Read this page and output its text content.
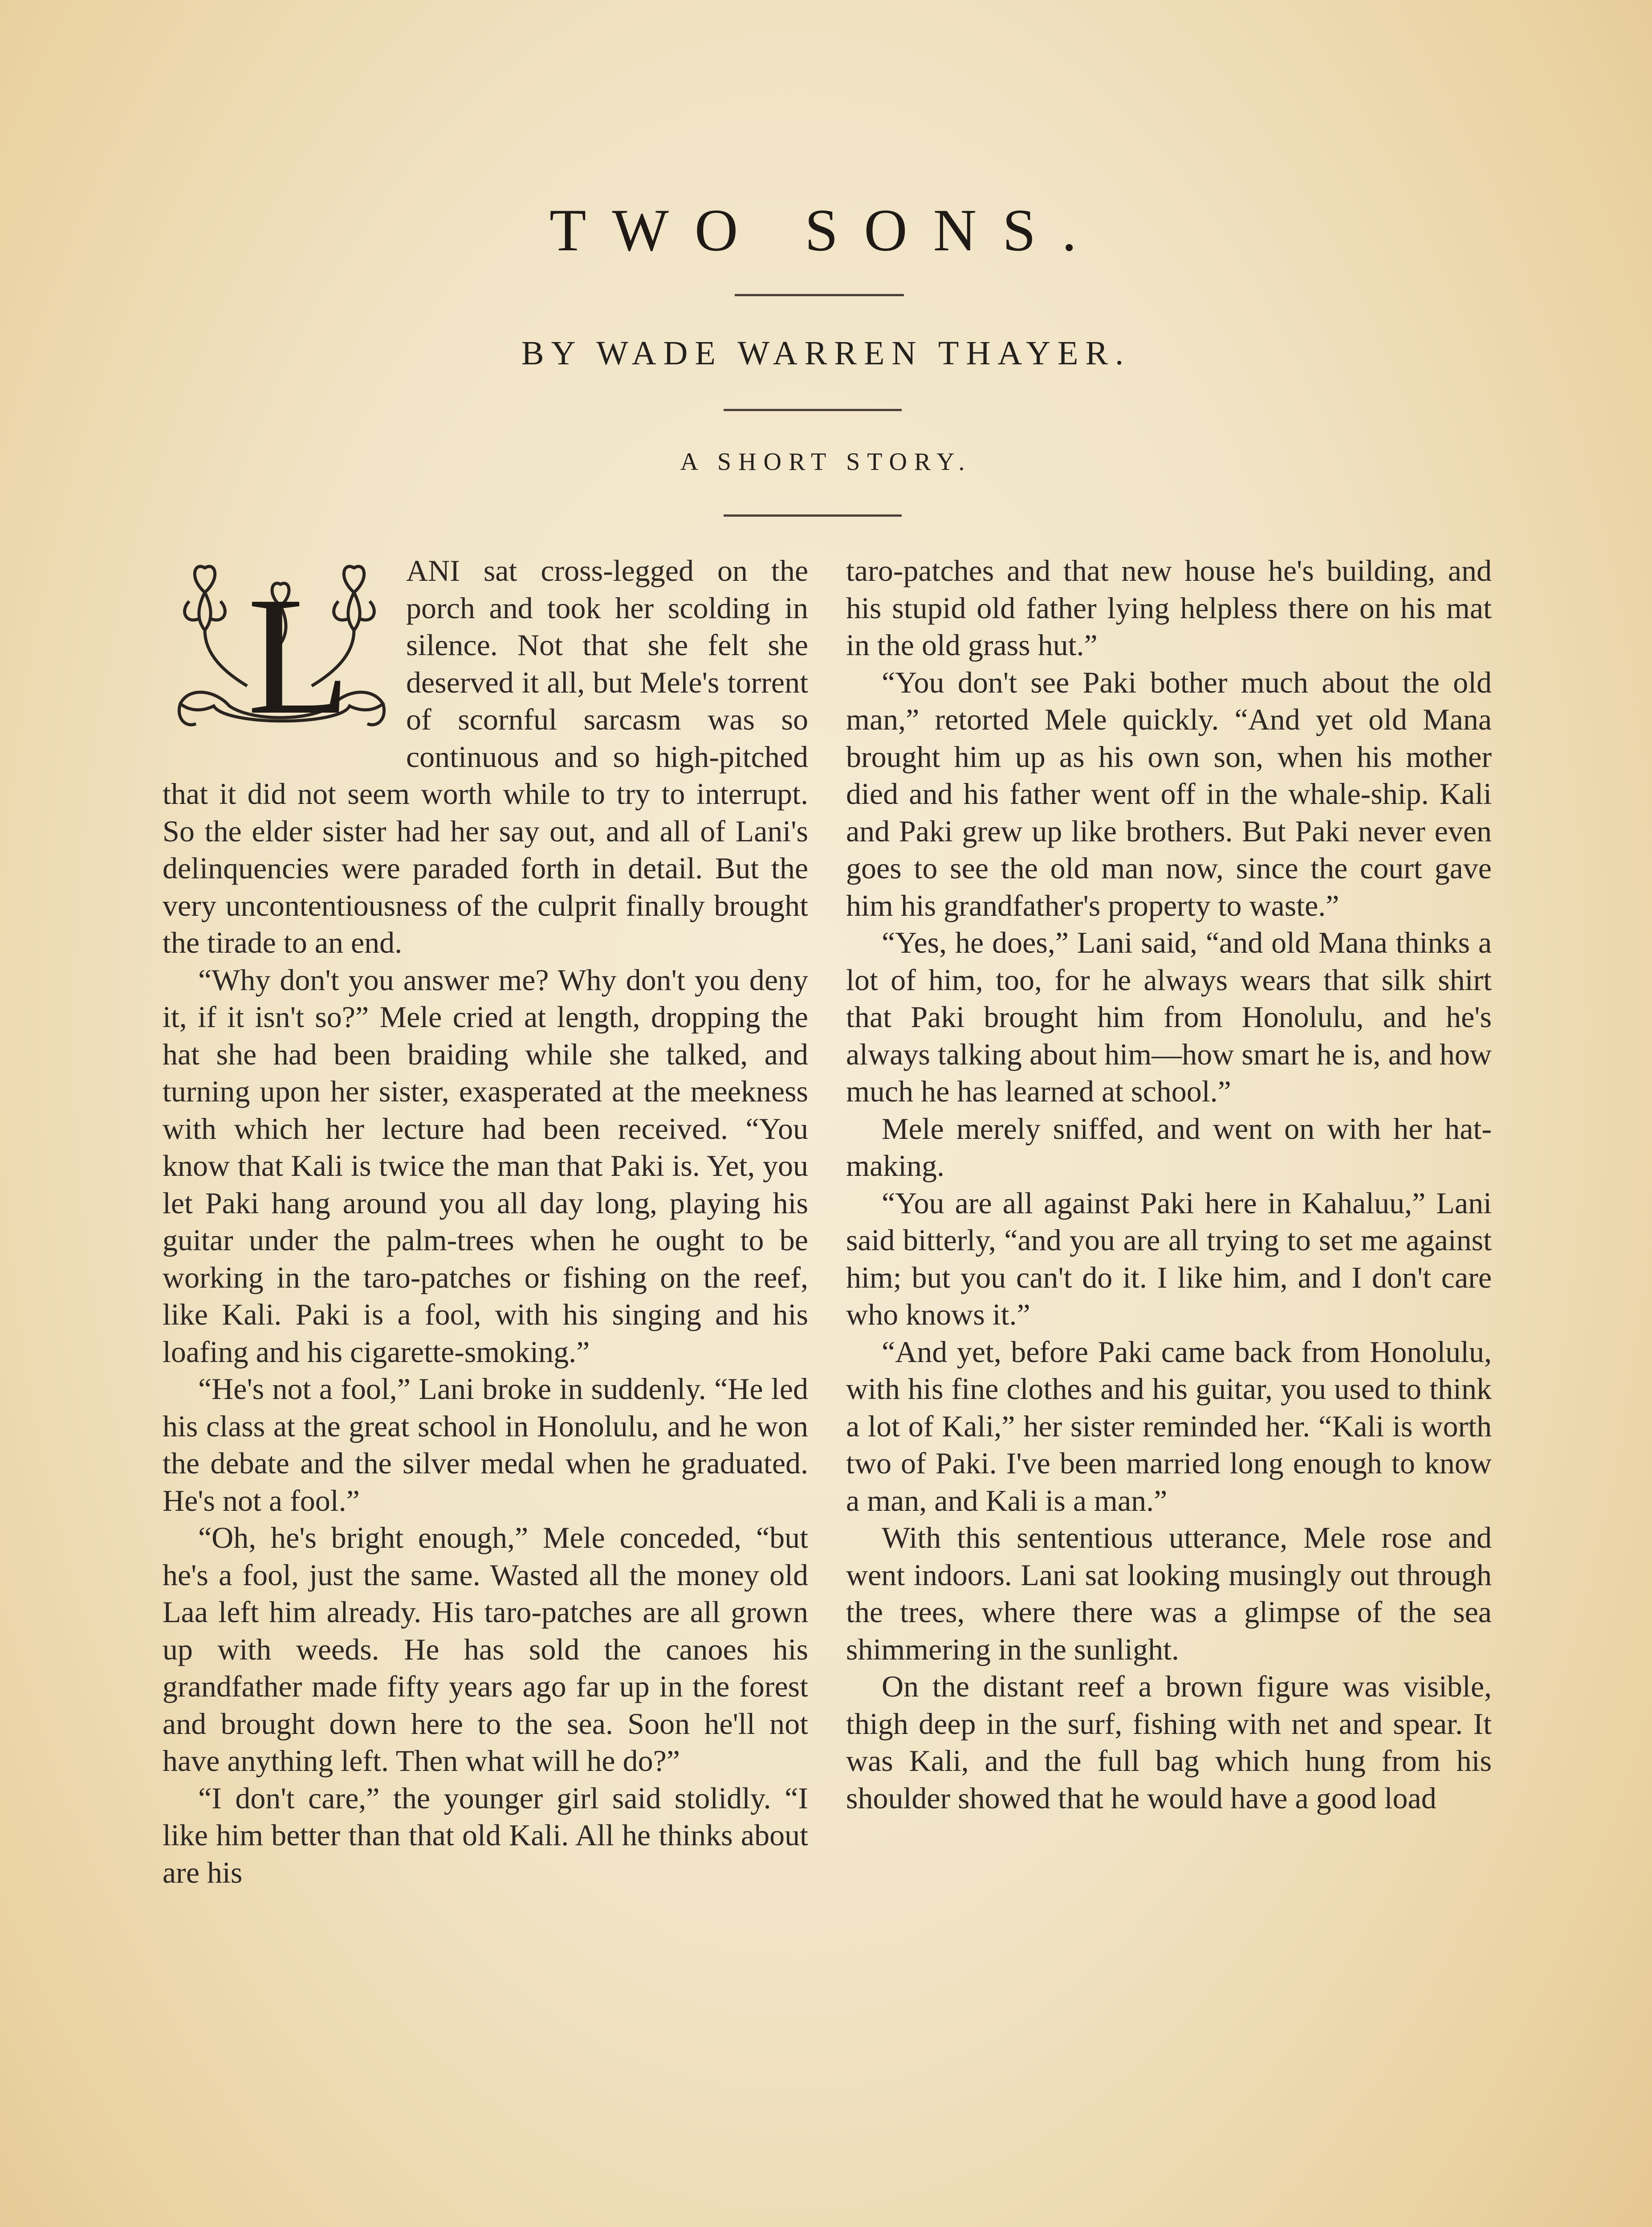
TWO SONS.
BY WADE WARREN THAYER.
A SHORT STORY.
L	ANI sat cross-legged on the porch and took her scolding in silence. Not that she felt she deserved it all, but Mele's torrent of scornful sarcasm was so continuous and so high-pitched that it did not seem worth while to try to interrupt. So the elder sister had her say out, and all of Lani's delinquencies were paraded forth in detail. But the very uncontentiousness of the culprit finally brought the tirade to an end.

“Why don't you answer me? Why don't you deny it, if it isn't so?” Mele cried at length, dropping the hat she had been braiding while she talked, and turning upon her sister, exasperated at the meekness with which her lecture had been received. “You know that Kali is twice the man that Paki is. Yet, you let Paki hang around you all day long, playing his guitar under the palm-trees when he ought to be working in the taro-patches or fishing on the reef, like Kali. Paki is a fool, with his singing and his loafing and his cigarette-smoking.”

“He's not a fool,” Lani broke in suddenly. “He led his class at the great school in Honolulu, and he won the debate and the silver medal when he graduated. He's not a fool.”

“Oh, he's bright enough,” Mele conceded, “but he's a fool, just the same. Wasted all the money old Laa left him already. His taro-patches are all grown up with weeds. He has sold the canoes his grandfather made fifty years ago far up in the forest and brought down here to the sea. Soon he'll not have anything left. Then what will he do?”

“I don't care,” the younger girl said stolidly. “I like him better than that old Kali. All he thinks about are his

taro-patches and that new house he's building, and his stupid old father lying helpless there on his mat in the old grass hut.”

“You don't see Paki bother much about the old man,” retorted Mele quickly. “And yet old Mana brought him up as his own son, when his mother died and his father went off in the whale-ship. Kali and Paki grew up like brothers. But Paki never even goes to see the old man now, since the court gave him his grandfather's property to waste.”

“Yes, he does,” Lani said, “and old Mana thinks a lot of him, too, for he always wears that silk shirt that Paki brought him from Honolulu, and he's always talking about him—how smart he is, and how much he has learned at school.”

Mele merely sniffed, and went on with her hat-making.

“You are all against Paki here in Kahaluu,” Lani said bitterly, “and you are all trying to set me against him; but you can't do it. I like him, and I don't care who knows it.”

“And yet, before Paki came back from Honolulu, with his fine clothes and his guitar, you used to think a lot of Kali,” her sister reminded her. “Kali is worth two of Paki. I've been married long enough to know a man, and Kali is a man.”

With this sententious utterance, Mele rose and went indoors. Lani sat looking musingly out through the trees, where there was a glimpse of the sea shimmering in the sunlight.

On the distant reef a brown figure was visible, thigh deep in the surf, fishing with net and spear. It was Kali, and the full bag which hung from his shoulder showed that he would have a good load
